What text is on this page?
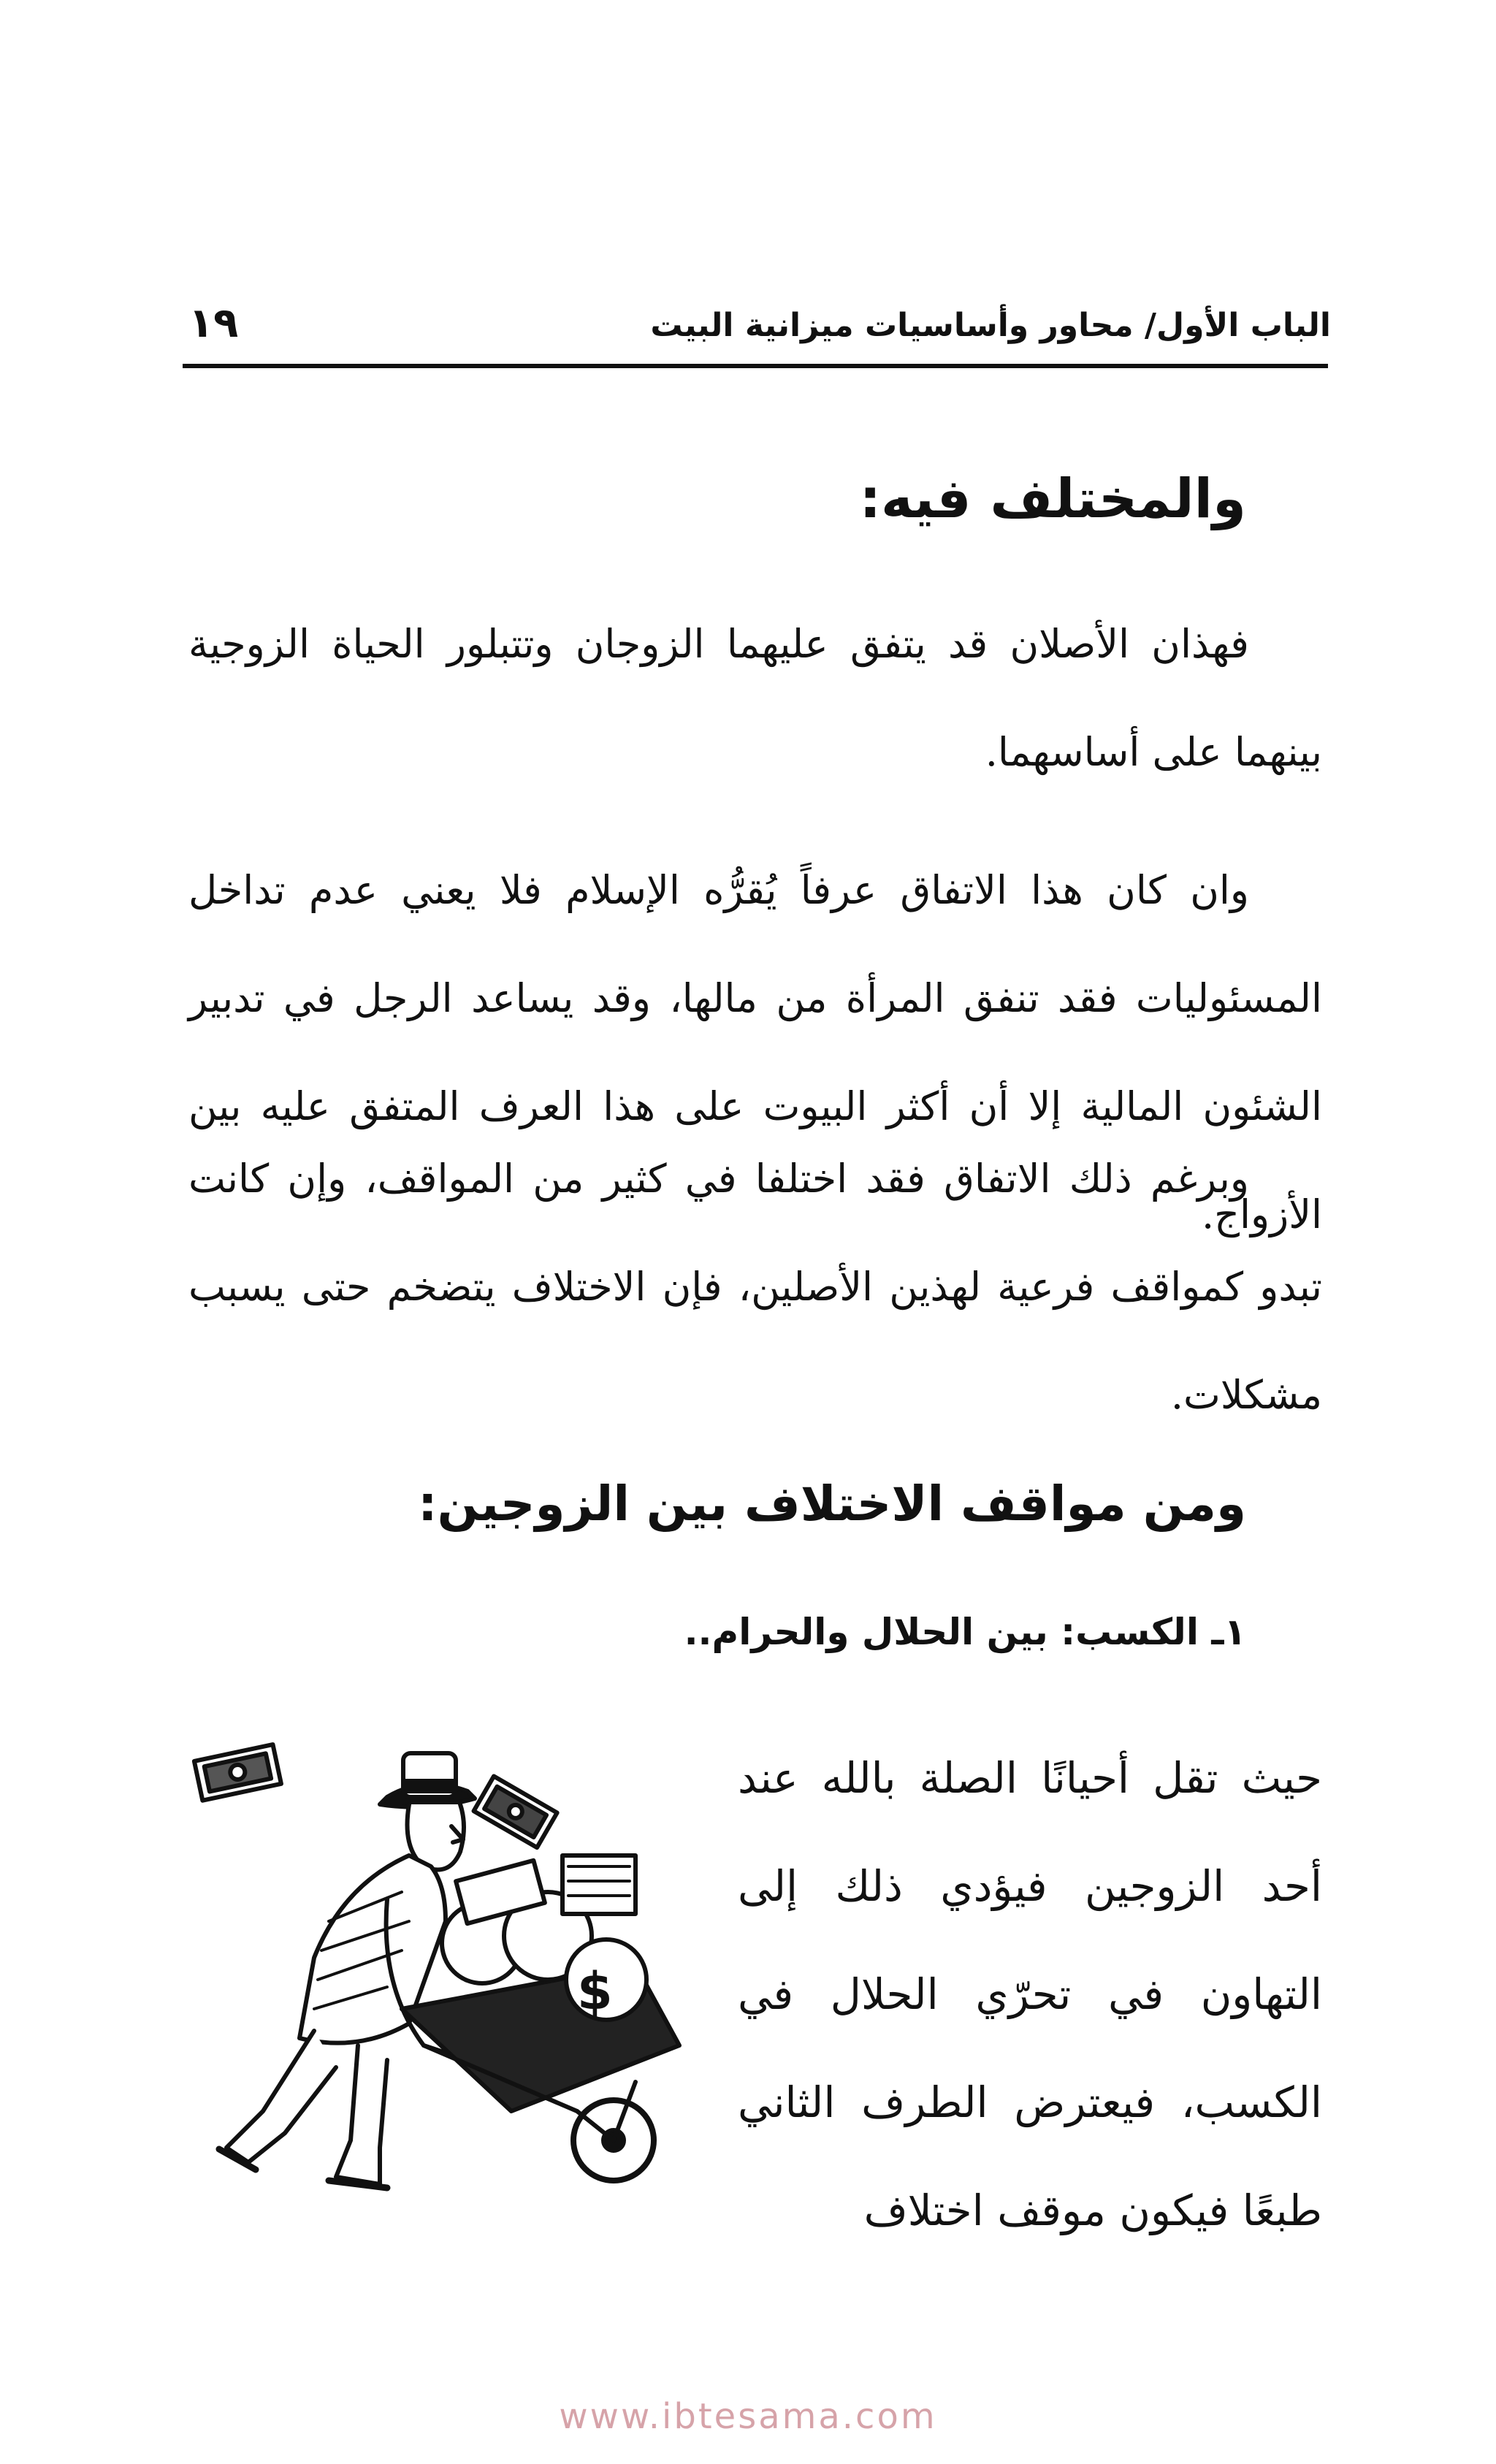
الباب الأول/ محاور وأساسيات ميزانية البيت
١٩
والمختلف فيه:

فهذان الأصلان قد يتفق عليهما الزوجان وتتبلور الحياة الزوجية بينهما على أساسهما.

وان كان هذا الاتفاق عرفاً يُقرُّه الإسلام فلا يعني عدم تداخل المسئوليات فقد تنفق المرأة من مالها، وقد يساعد الرجل في تدبير الشئون المالية إلا أن أكثر البيوت على هذا العرف المتفق عليه بين الأزواج.

وبرغم ذلك الاتفاق فقد اختلفا في كثير من المواقف، وإن كانت تبدو كمواقف فرعية لهذين الأصلين، فإن الاختلاف يتضخم حتى يسبب مشكلات.

ومن مواقف الاختلاف بين الزوجين:
١ـ الكسب: بين الحلال والحرام..

حيث تقل أحيانًا الصلة بالله عند أحد الزوجين فيؤدي ذلك إلى التهاون في تحرّي الحلال في الكسب، فيعترض الطرف الثاني طبعًا فيكون موقف اختلاف

$
www.ibtesama.com
